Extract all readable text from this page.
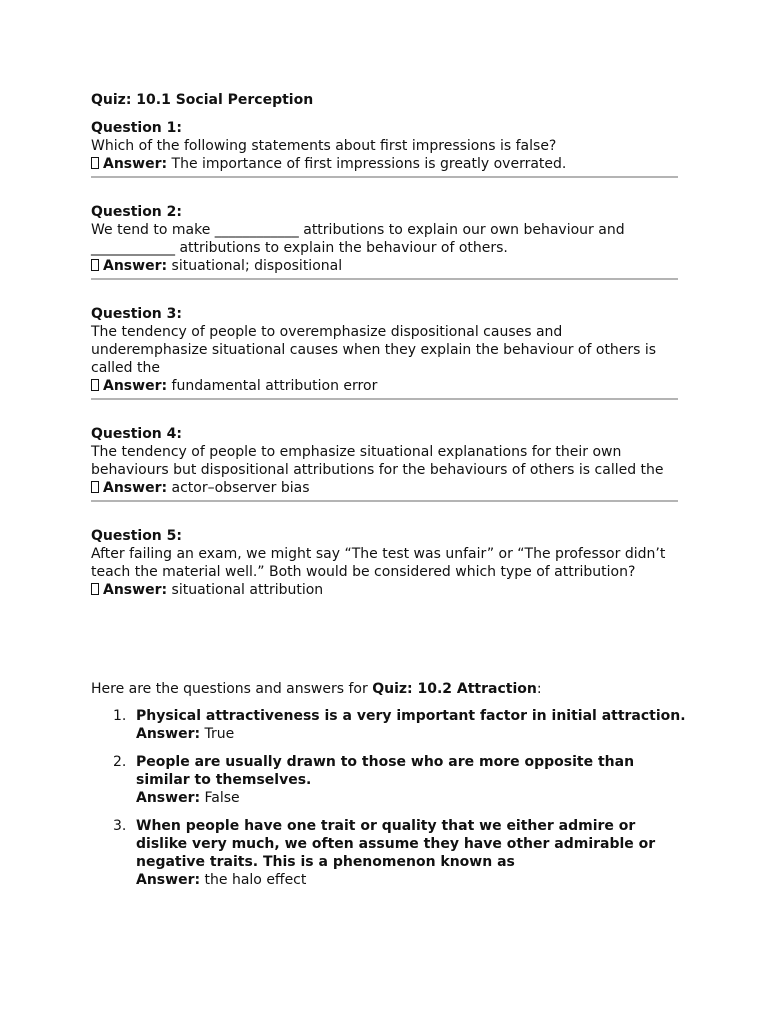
Quiz: 10.1 Social Perception
Question 1:
Which of the following statements about first impressions is false?
Answer: The importance of first impressions is greatly overrated.
Question 2:
We tend to make ____________ attributions to explain our own behaviour and ____________ attributions to explain the behaviour of others.
Answer: situational; dispositional
Question 3:
The tendency of people to overemphasize dispositional causes and underemphasize situational causes when they explain the behaviour of others is called the
Answer: fundamental attribution error
Question 4:
The tendency of people to emphasize situational explanations for their own behaviours but dispositional attributions for the behaviours of others is called the
Answer: actor–observer bias
Question 5:
After failing an exam, we might say “The test was unfair” or “The professor didn’t teach the material well.” Both would be considered which type of attribution?
Answer: situational attribution
Here are the questions and answers for Quiz: 10.2 Attraction:
1. Physical attractiveness is a very important factor in initial attraction.
Answer: True
2. People are usually drawn to those who are more opposite than similar to themselves.
Answer: False
3. When people have one trait or quality that we either admire or dislike very much, we often assume they have other admirable or negative traits. This is a phenomenon known as
Answer: the halo effect
